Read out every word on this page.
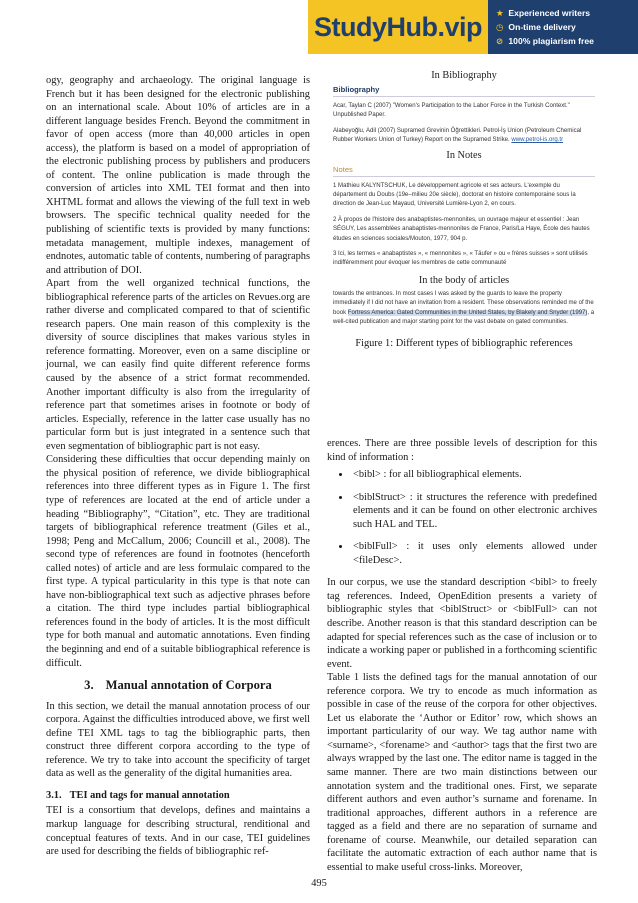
StudyHub.vip	★ Experienced writers
◷ On-time delivery
⊘ 100% plagiarism free

ogy, geography and archaeology. The original language is French but it has been designed for the electronic publishing on an international scale. About 10% of articles are in a different language besides French. Beyond the commitment in favor of open access (more than 40,000 articles in open access), the platform is based on a model of appropriation of the electronic publishing process by publishers and producers of content. The online publication is made through the conversion of articles into XML TEI format and then into XHTML format and allows the viewing of the full text in web browsers. The specific technical quality needed for the publishing of scientific texts is provided by many functions: metadata management, multiple indexes, management of endnotes, automatic table of contents, numbering of paragraphs and attribution of DOI.

Apart from the well organized technical functions, the bibliographical reference parts of the articles on Revues.org are rather diverse and complicated compared to that of scientific research papers. One main reason of this complexity is the diversity of source disciplines that makes various styles in reference formatting. Moreover, even on a same discipline or journal, we can easily find quite different reference forms caused by the absence of a strict format recommended. Another important difficulty is also from the irregularity of reference part that sometimes arises in footnote or body of articles. Especially, reference in the latter case usually has no particular form but is just integrated in a sentence such that even segmentation of bibliographic part is not easy.

Considering these difficulties that occur depending mainly on the physical position of reference, we divide bibliographical references into three different types as in Figure 1. The first type of references are located at the end of article under a heading “Bibliography”, “Citation”, etc. They are traditional targets of bibliographical reference treatment (Giles et al., 1998; Peng and McCallum, 2006; Councill et al., 2008). The second type of references are found in footnotes (henceforth called notes) of article and are less formulaic compared to the first type. A typical particularity in this type is that note can have non-bibliographical text such as adjective phrases before a citation. The third type includes partial bibliographical references found in the body of articles. It is the most difficult type for both manual and automatic annotations. Even finding the beginning and end of a suitable bibliographical reference is difficult.

3. Manual annotation of Corpora

In this section, we detail the manual annotation process of our corpora. Against the difficulties introduced above, we first well define TEI XML tags to tag the bibliographic parts, then construct three different corpora according to the type of reference. We try to take into account the specificity of target data as well as the generality of the digital humanities area.

3.1. TEI and tags for manual annotation

TEI is a consortium that develops, defines and maintains a markup language for describing structural, renditional and conceptual features of texts. And in our case, TEI guidelines are used for describing the fields of bibliographic ref-

In Bibliography
Bibliography

Acar, Taylan C (2007) "Women's Participation to the Labor Force in the Turkish Context." Unpublished Paper.

Alabeyoğlu, Adil (2007) Supramed Grevinin Öğrettikleri. Petrol-İş Union (Petroleum Chemical Rubber Workers Union of Turkey) Report on the Supramed Strike. www.petrol-is.org.tr

In Notes
Notes

1 Mathieu KALYNTSCHUK, Le développement agricole et ses acteurs. L'exemple du département du Doubs (19e–milieu 20e siècle), doctorat en histoire contemporaine sous la direction de Jean-Luc Mayaud, Université Lumière-Lyon 2, en cours.

2 À propos de l'histoire des anabaptistes-mennonites, un ouvrage majeur et essentiel : Jean SÉGUY, Les assemblées anabaptistes-mennonites de France, Paris/La Haye, École des hautes études en sciences sociales/Mouton, 1977, 904 p.

3 Ici, les termes « anabaptistes », « mennonites », « Täufer » ou « frères suisses » sont utilisés indifféremment pour évoquer les membres de cette communauté

In the body of articles

towards the entrances. In most cases I was asked by the guards to leave the property immediately if I did not have an invitation from a resident. These observations reminded me of the book Fortress America: Gated Communities in the United States, by Blakely and Snyder (1997), a well-cited publication and major starting point for the vast debate on gated communities.

Figure 1: Different types of bibliographic references

erences. There are three possible levels of description for this kind of information :

• <bibl> : for all bibliographical elements.
• <biblStruct> : it structures the reference with predefined elements and it can be found on other electronic archives such HAL and TEL.
• <biblFull> : it uses only elements allowed under <fileDesc>.

In our corpus, we use the standard description <bibl> to freely tag references. Indeed, OpenEdition presents a variety of bibliographic styles that <biblStruct> or <biblFull> can not describe. Another reason is that this standard description can be adapted for special references such as the case of inclusion or to indicate a working paper or published in a forthcoming scientific event.

Table 1 lists the defined tags for the manual annotation of our reference corpora. We try to encode as much information as possible in case of the reuse of the corpora for other objectives. Let us elaborate the ‘Author or Editor’ row, which shows an important particularity of our way. We tag author name with <surname>, <forename> and <author> tags that the first two are always wrapped by the last one. The editor name is tagged in the same manner. There are two main distinctions between our annotation system and the traditional ones. First, we separate different authors and even author’s surname and forename. In traditional approaches, different authors in a reference are tagged as a field and there are no separation of surname and forename of course. Meanwhile, our detailed separation can facilitate the automatic extraction of each author name that is essential to make useful cross-links. Moreover,

495
